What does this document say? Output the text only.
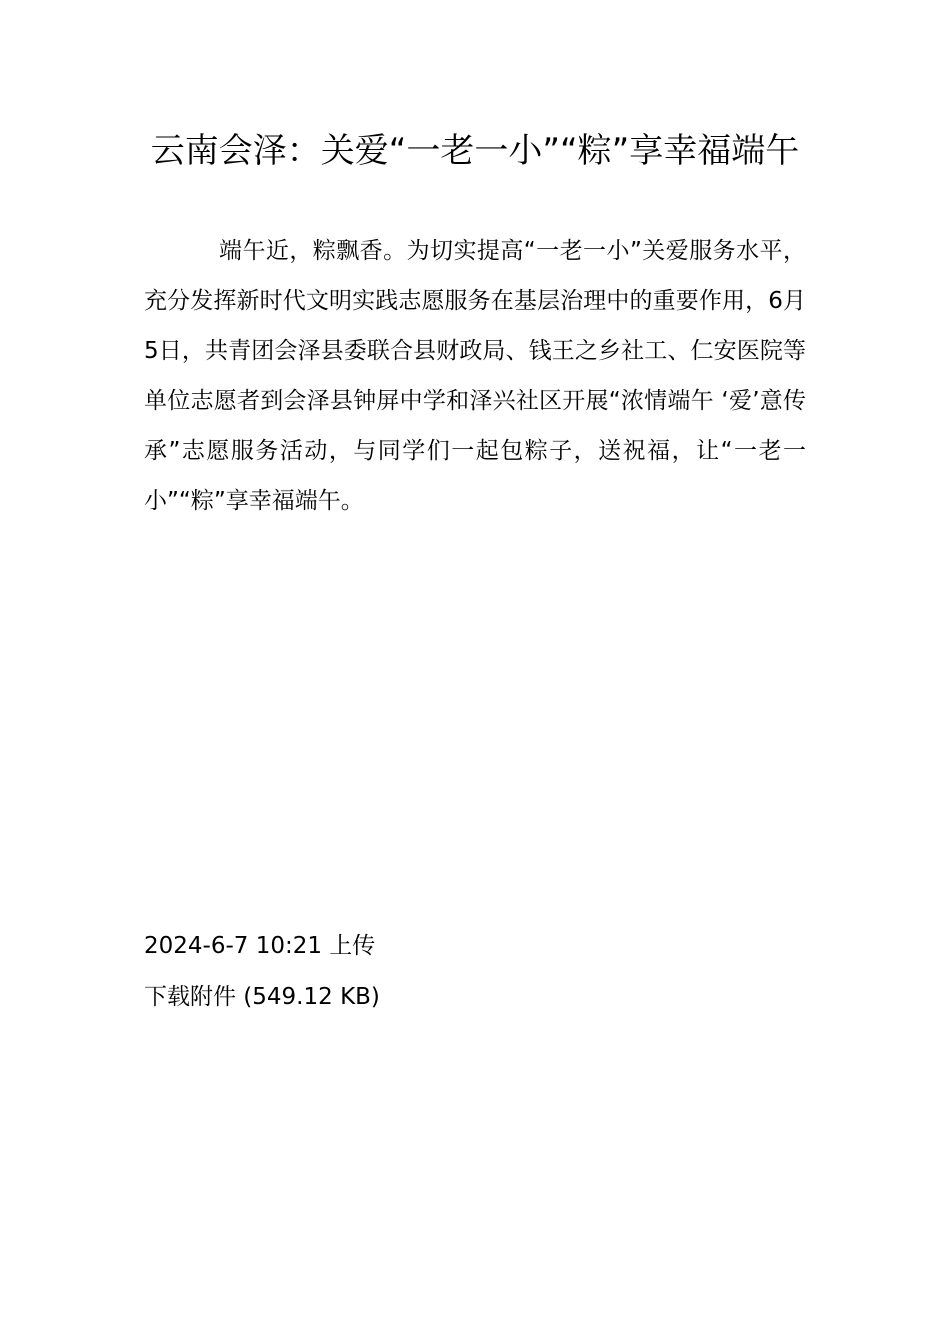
云南会泽：关爱“一老一小”“粽”享幸福端午

端午近，粽飘香。为切实提高“一老一小”关爱服务水平，充分发挥新时代文明实践志愿服务在基层治理中的重要作用，6月5日，共青团会泽县委联合县财政局、钱王之乡社工、仁安医院等单位志愿者到会泽县钟屏中学和泽兴社区开展“浓情端午 ‘爱’意传承”志愿服务活动，与同学们一起包粽子，送祝福，让“一老一小”“粽”享幸福端午。

2024-6-7 10:21 上传
下载附件 (549.12 KB)
